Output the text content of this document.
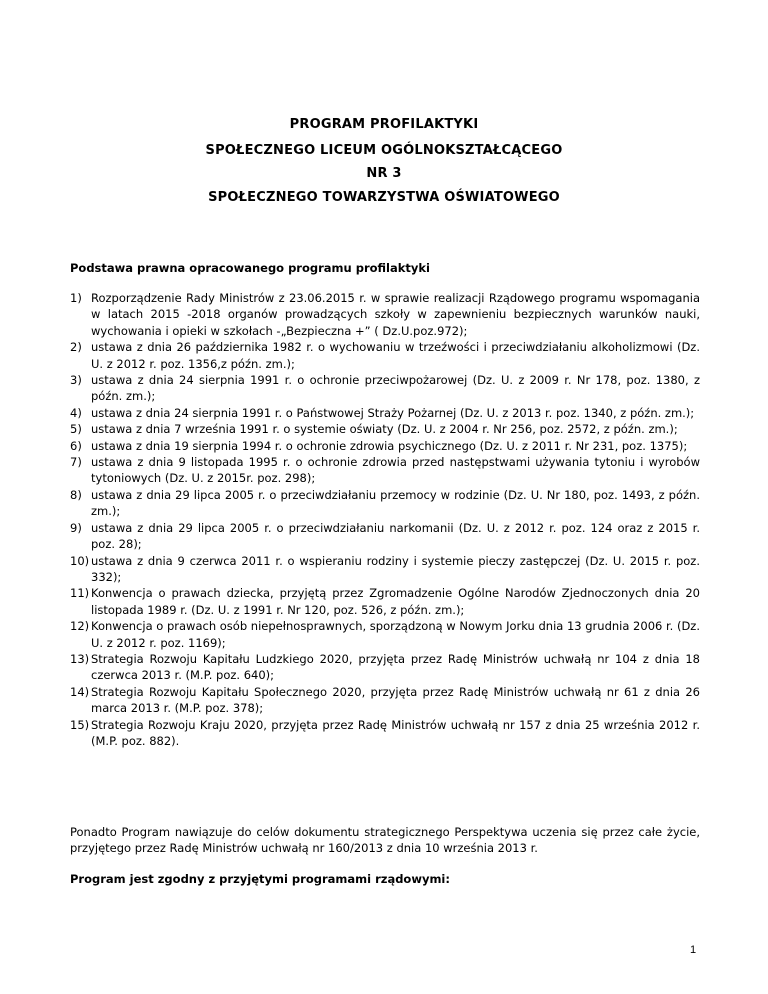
PROGRAM PROFILAKTYKI
SPOŁECZNEGO LICEUM OGÓLNOKSZTAŁCĄCEGO
NR 3
SPOŁECZNEGO TOWARZYSTWA OŚWIATOWEGO
Podstawa prawna opracowanego programu profilaktyki
1) Rozporządzenie Rady Ministrów z 23.06.2015 r. w sprawie realizacji Rządowego programu wspomagania w latach 2015 -2018 organów prowadzących szkoły w zapewnieniu bezpiecznych warunków nauki, wychowania i opieki w szkołach -„Bezpieczna +” ( Dz.U.poz.972);
2) ustawa z dnia 26 października 1982 r. o wychowaniu w trzeźwości i przeciwdziałaniu alkoholizmowi (Dz. U. z 2012 r. poz. 1356,z późn. zm.);
3) ustawa z dnia 24 sierpnia 1991 r. o ochronie przeciwpożarowej (Dz. U. z 2009 r. Nr 178, poz. 1380, z późn. zm.);
4) ustawa z dnia 24 sierpnia 1991 r. o Państwowej Straży Pożarnej (Dz. U. z 2013 r. poz. 1340, z późn. zm.);
5) ustawa z dnia 7 września 1991 r. o systemie oświaty (Dz. U. z 2004 r. Nr 256, poz. 2572, z późn. zm.);
6) ustawa z dnia 19 sierpnia 1994 r. o ochronie zdrowia psychicznego (Dz. U. z 2011 r. Nr 231, poz. 1375);
7) ustawa z dnia 9 listopada 1995 r. o ochronie zdrowia przed następstwami używania tytoniu i wyrobów tytoniowych (Dz. U. z 2015r. poz. 298);
8) ustawa z dnia 29 lipca 2005 r. o przeciwdziałaniu przemocy w rodzinie (Dz. U. Nr 180, poz. 1493, z późn. zm.);
9) ustawa z dnia 29 lipca 2005 r. o przeciwdziałaniu narkomanii (Dz. U. z 2012 r. poz. 124 oraz z 2015 r. poz. 28);
10) ustawa z dnia 9 czerwca 2011 r. o wspieraniu rodziny i systemie pieczy zastępczej (Dz. U. 2015 r. poz. 332);
11) Konwencja o prawach dziecka, przyjętą przez Zgromadzenie Ogólne Narodów Zjednoczonych dnia 20 listopada 1989 r. (Dz. U. z 1991 r. Nr 120, poz. 526, z późn. zm.);
12) Konwencja o prawach osób niepełnosprawnych, sporządzoną w Nowym Jorku dnia 13 grudnia 2006 r. (Dz. U. z 2012 r. poz. 1169);
13) Strategia Rozwoju Kapitału Ludzkiego 2020, przyjęta przez Radę Ministrów uchwałą nr 104 z dnia 18 czerwca 2013 r. (M.P. poz. 640);
14) Strategia Rozwoju Kapitału Społecznego 2020, przyjęta przez Radę Ministrów uchwałą nr 61 z dnia 26 marca 2013 r. (M.P. poz. 378);
15) Strategia Rozwoju Kraju 2020, przyjęta przez Radę Ministrów uchwałą nr 157 z dnia 25 września 2012 r. (M.P. poz. 882).
Ponadto Program nawiązuje do celów dokumentu strategicznego Perspektywa uczenia się przez całe życie, przyjętego przez Radę Ministrów uchwałą nr 160/2013 z dnia 10 września 2013 r.
Program jest zgodny z przyjętymi programami rządowymi:
1
